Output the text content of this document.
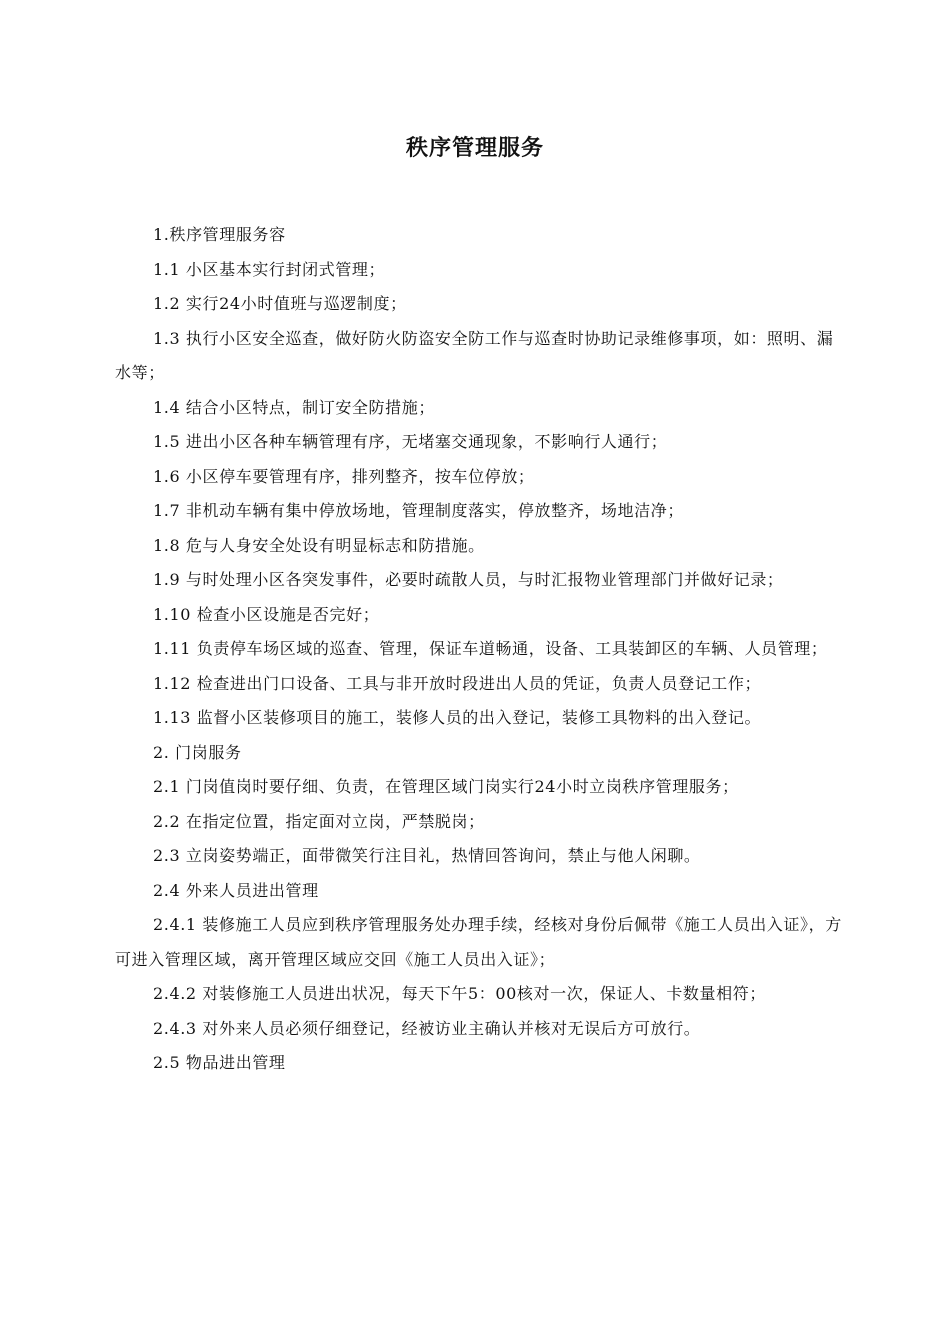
秩序管理服务

1.秩序管理服务容

1.1 小区基本实行封闭式管理；

1.2 实行24小时值班与巡逻制度；

1.3 执行小区安全巡查，做好防火防盗安全防工作与巡查时协助记录维修事项，如：照明、漏水等；

1.4 结合小区特点，制订安全防措施；

1.5 进出小区各种车辆管理有序，无堵塞交通现象，不影响行人通行；

1.6 小区停车要管理有序，排列整齐，按车位停放；

1.7 非机动车辆有集中停放场地，管理制度落实，停放整齐，场地洁净；

1.8 危与人身安全处设有明显标志和防措施。

1.9 与时处理小区各突发事件，必要时疏散人员，与时汇报物业管理部门并做好记录；

1.10 检查小区设施是否完好；

1.11 负责停车场区域的巡查、管理，保证车道畅通，设备、工具装卸区的车辆、人员管理；

1.12 检查进出门口设备、工具与非开放时段进出人员的凭证，负责人员登记工作；

1.13 监督小区装修项目的施工，装修人员的出入登记，装修工具物料的出入登记。

2. 门岗服务

2.1 门岗值岗时要仔细、负责，在管理区域门岗实行24小时立岗秩序管理服务；

2.2 在指定位置，指定面对立岗，严禁脱岗；

2.3 立岗姿势端正，面带微笑行注目礼，热情回答询问，禁止与他人闲聊。

2.4 外来人员进出管理

2.4.1 装修施工人员应到秩序管理服务处办理手续，经核对身份后佩带《施工人员出入证》，方可进入管理区域，离开管理区域应交回《施工人员出入证》；

2.4.2 对装修施工人员进出状况，每天下午5：00核对一次，保证人、卡数量相符；

2.4.3 对外来人员必须仔细登记，经被访业主确认并核对无误后方可放行。

2.5 物品进出管理
